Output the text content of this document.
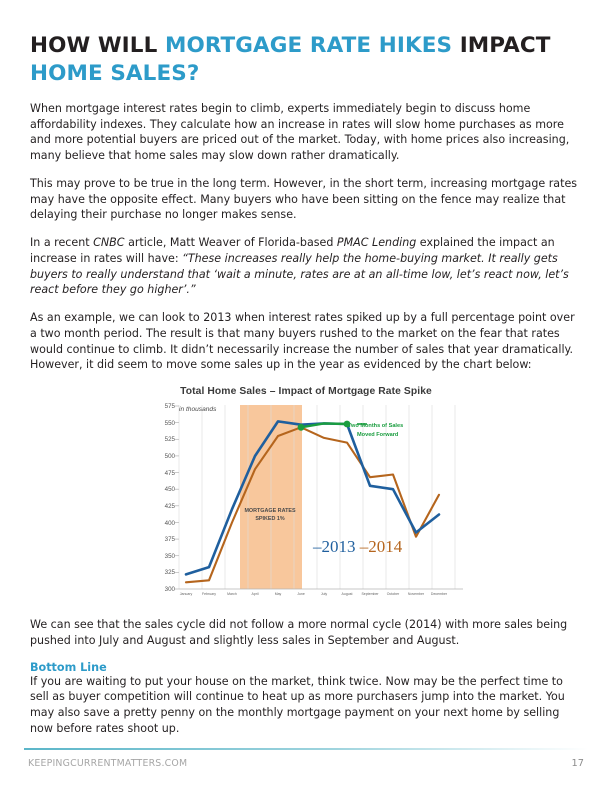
HOW WILL MORTGAGE RATE HIKES IMPACT HOME SALES?

When mortgage interest rates begin to climb, experts immediately begin to discuss home affordability indexes. They calculate how an increase in rates will slow home purchases as more and more potential buyers are priced out of the market. Today, with home prices also increasing, many believe that home sales may slow down rather dramatically.

This may prove to be true in the long term. However, in the short term, increasing mortgage rates may have the opposite effect. Many buyers who have been sitting on the fence may realize that delaying their purchase no longer makes sense.

In a recent CNBC article, Matt Weaver of Florida-based PMAC Lending explained the impact an increase in rates will have: “These increases really help the home-buying market. It really gets buyers to really understand that ‘wait a minute, rates are at an all-time low, let’s react now, let’s react before they go higher’.”

As an example, we can look to 2013 when interest rates spiked up by a full percentage point over a two month period. The result is that many buyers rushed to the market on the fear that rates would continue to climb. It didn’t necessarily increase the number of sales that year dramatically. However, it did seem to move some sales up in the year as evidenced by the chart below:

Total Home Sales – Impact of Mortgage Rate Spike
575
550
525
500
475
450
425
400
375
350
325
300
in thousands
MORTGAGE RATES SPIKED 1%
Two Months of Sales
Moved Forward
–2013 –2014
January	February	March	April	May	June	July	August	September October November December

We can see that the sales cycle did not follow a more normal cycle (2014) with more sales being pushed into July and August and slightly less sales in September and August.

Bottom Line

If you are waiting to put your house on the market, think twice. Now may be the perfect time to sell as buyer competition will continue to heat up as more purchasers jump into the market. You may also save a pretty penny on the monthly mortgage payment on your next home by selling now before rates shoot up.

KEEPINGCURRENTMATTERS.COM	17
